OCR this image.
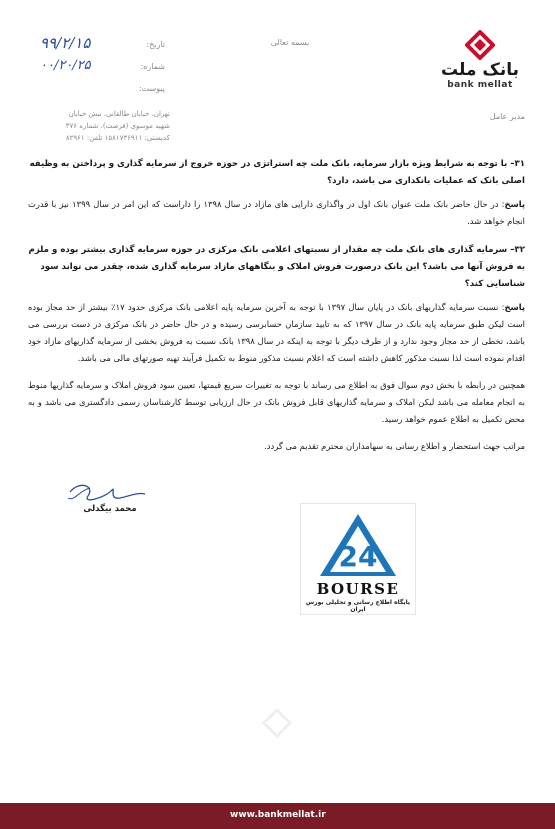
بانک ملت
bank mellat
مدیر عامل
بسمه تعالی
تاریخ:
۹۹/۲/۱۵
شماره:
۰۰/۲۰/۲۵
پیوست:
تهران، خیابان طالقانی، نبش خیابان
شهید موسوی (فرصت)، شماره ۳۷۶
کدپستی: ۱۵۸۱۷۳۶۹۱۱ تلفن: ۸۲۹۶۱
۳۱– با توجه به شرایط ویژه بازار سرمایه، بانک ملت چه استراتژی در حوزه خروج از سرمایه گذاری و پرداختن به وظیفه اصلی بانک که عملیات بانکداری می باشد، دارد؟
پاسخ: در حال حاضر بانک ملت عنوان بانک اول در واگذاری دارایی های مازاد در سال ۱۳۹۸ را داراست که این امر در سال ۱۳۹۹ نیز با قدرت انجام خواهد شد.
۳۲– سرمایه گذاری های بانک ملت چه مقدار از نسبتهای اعلامی بانک مرکزی در حوزه سرمایه گذاری بیشتر بوده و ملزم به فروش آنها می باشد؟ این بانک درصورت فروش املاک و بنگاههای مازاد سرمایه گذاری شده، چقدر می تواند سود شناسایی کند؟
پاسخ: نسبت سرمایه گذاریهای بانک در پایان سال ۱۳۹۷ با توجه به آخرین سرمایه پایه اعلامی بانک مرکزی حدود ۱۷٪ بیشتر از حد مجاز بوده است لیکن طبق سرمایه پایه بانک در سال ۱۳۹۷ که به تایید سازمان حسابرسی رسیده و در حال حاضر در بانک مرکزی در دست بررسی می باشد، تخطی از حد مجاز وجود ندارد و از طرف دیگر با توجه به اینکه در سال ۱۳۹۸ بانک نسبت به فروش بخشی از سرمایه گذاریهای مازاد خود اقدام نموده است لذا نسبت مذکور کاهش داشته است که اعلام نسبت مذکور منوط به تکمیل فرآیند تهیه صورتهای مالی می باشد.
همچنین در رابطه با بخش دوم سوال فوق به اطلاع می رساند با توجه به تغییرات سریع قیمتها، تعیین سود فروش املاک و سرمایه گذاریها منوط به انجام معامله می باشد لیکن املاک و سرمایه گذاریهای قابل فروش بانک در حال ارزیابی توسط کارشناسان رسمی دادگستری می باشد و به محض تکمیل به اطلاع عموم خواهد رسید.
مراتب جهت استحضار و اطلاع رسانی به سهامداران محترم تقدیم می گردد.
محمد بیگدلی
24
BOURSE
پایگاه اطلاع رسانی و تحلیلی بورس ایران
www.bankmellat.ir
